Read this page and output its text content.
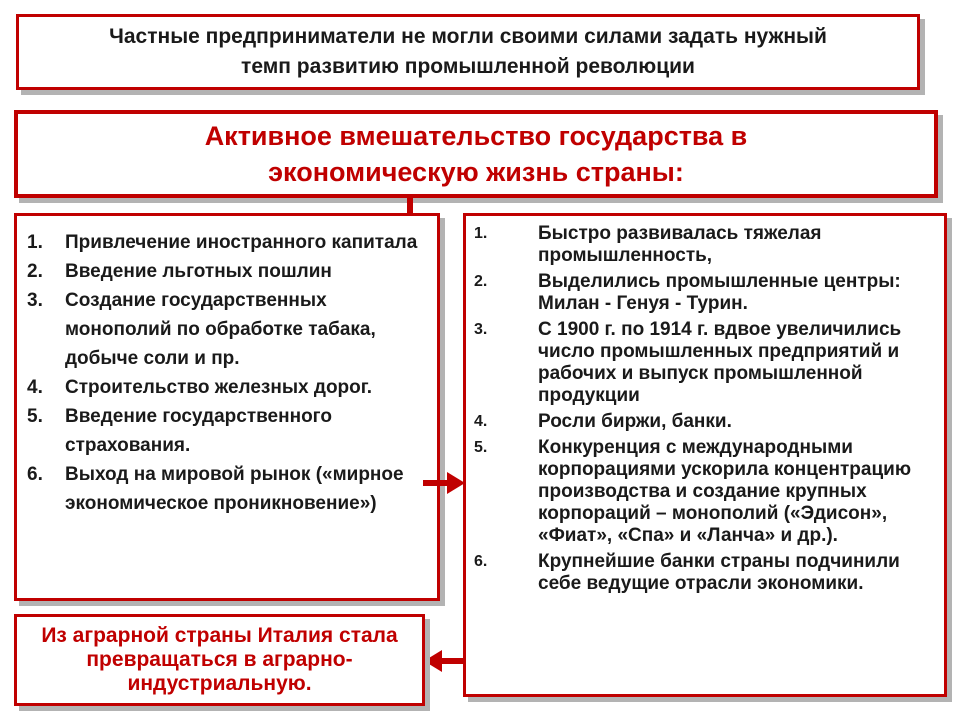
Частные предприниматели не могли своими силами задать нужный темп развитию промышленной революции
Активное вмешательство государства в экономическую жизнь страны:
1.	Привлечение иностранного капитала
2.	Введение льготных пошлин
3.	Создание государственных монополий по обработке табака, добыче соли и пр.
4.	Строительство железных дорог.
5.	Введение государственного страхования.
6.	Выход на мировой рынок («мирное экономическое проникновение»)
1.	Быстро развивалась тяжелая промышленность,
2.	Выделились промышленные центры: Милан - Генуя - Турин.
3.	С 1900 г. по 1914 г. вдвое увеличились число промышленных предприятий и рабочих и выпуск промышленной продукции
4.	Росли биржи, банки.
5.	Конкуренция с международными корпорациями ускорила концентрацию производства и создание крупных корпораций – монополий («Эдисон», «Фиат», «Спа» и «Ланча» и др.).
6.	Крупнейшие банки страны подчинили себе ведущие отрасли экономики.
Из аграрной страны Италия стала превращаться в аграрно-индустриальную.
